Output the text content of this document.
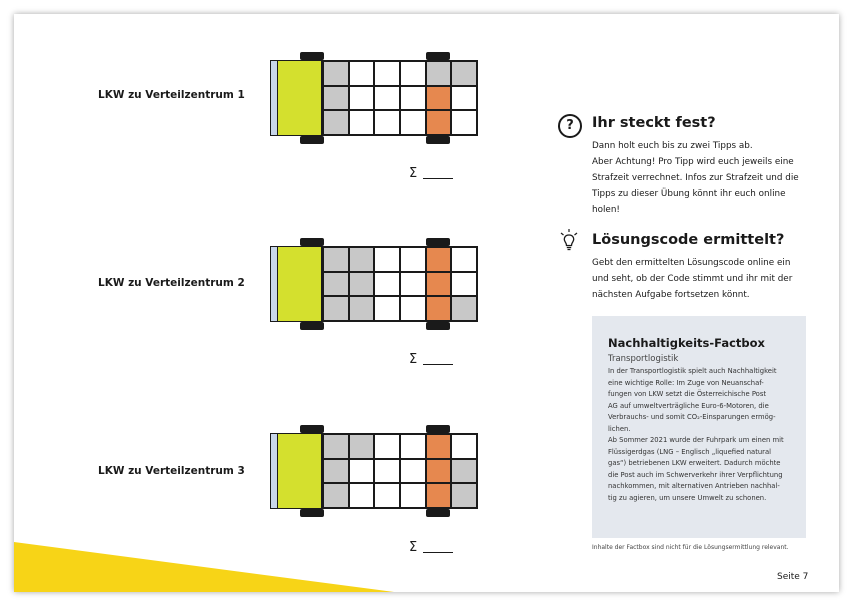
LKW zu Verteilzentrum 1
Σ
LKW zu Verteilzentrum 2
Σ
LKW zu Verteilzentrum 3
Σ
?	Ihr steckt fest?
Dann holt euch bis zu zwei Tipps ab.
Aber Achtung! Pro Tipp wird euch jeweils eine
Strafzeit verrechnet. Infos zur Strafzeit und die
Tipps zu dieser Übung könnt ihr euch online
holen!
Lösungscode ermittelt?
Gebt den ermittelten Lösungscode online ein
und seht, ob der Code stimmt und ihr mit der
nächsten Aufgabe fortsetzen könnt.
Nachhaltigkeits-Factbox
Transportlogistik
In der Transportlogistik spielt auch Nachhaltigkeit
eine wichtige Rolle: Im Zuge von Neuanschaf-
fungen von LKW setzt die Österreichische Post
AG auf umweltverträgliche Euro-6-Motoren, die
Verbrauchs- und somit CO₂-Einsparungen ermög-
lichen.
Ab Sommer 2021 wurde der Fuhrpark um einen mit
Flüssigerdgas (LNG – Englisch „liquefied natural
gas“) betriebenen LKW erweitert. Dadurch möchte
die Post auch im Schwerverkehr ihrer Verpflichtung
nachkommen, mit alternativen Antrieben nachhal-
tig zu agieren, um unsere Umwelt zu schonen.
Inhalte der Factbox sind nicht für die Lösungsermittlung relevant.
Seite 7
